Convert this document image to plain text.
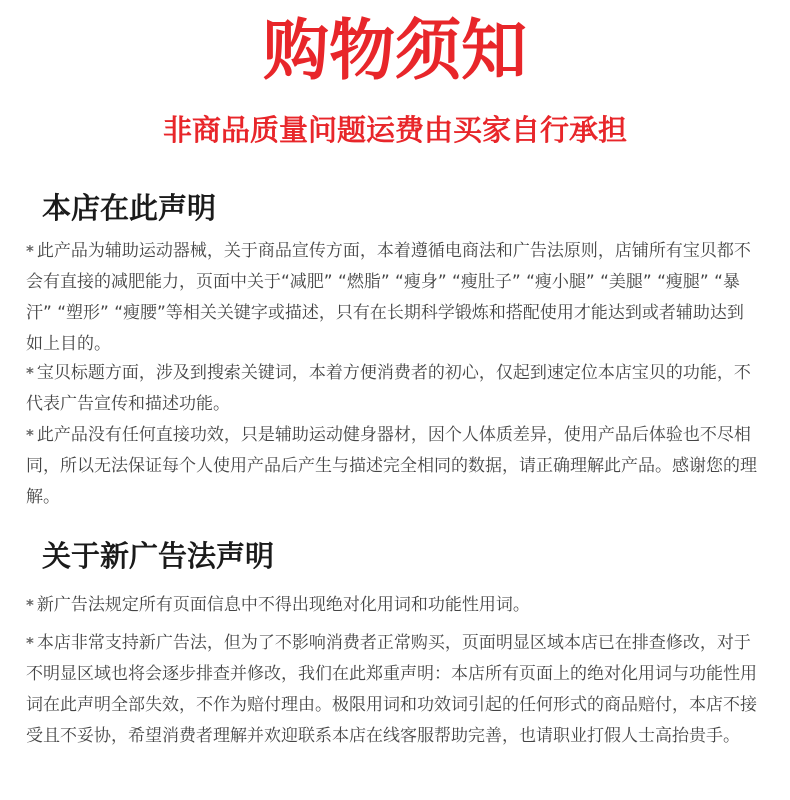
购物须知
非商品质量问题运费由买家自行承担
本店在此声明
* 此产品为辅助运动器械，关于商品宣传方面，本着遵循电商法和广告法原则，店铺所有宝贝都不会有直接的减肥能力，页面中关于“减肥” “燃脂” “瘦身” “瘦肚子” “瘦小腿” “美腿” “瘦腿” “暴汗” “塑形” “瘦腰”等相关关键字或描述，只有在长期科学锻炼和搭配使用才能达到或者辅助达到如上目的。
* 宝贝标题方面，涉及到搜索关键词，本着方便消费者的初心，仅起到速定位本店宝贝的功能，不代表广告宣传和描述功能。
* 此产品没有任何直接功效，只是辅助运动健身器材，因个人体质差异，使用产品后体验也不尽相同，所以无法保证每个人使用产品后产生与描述完全相同的数据，请正确理解此产品。感谢您的理解。
关于新广告法声明
* 新广告法规定所有页面信息中不得出现绝对化用词和功能性用词。
* 本店非常支持新广告法，但为了不影响消费者正常购买，页面明显区域本店已在排查修改，对于不明显区域也将会逐步排查并修改，我们在此郑重声明：本店所有页面上的绝对化用词与功能性用词在此声明全部失效，不作为赔付理由。极限用词和功效词引起的任何形式的商品赔付，本店不接受且不妥协，希望消费者理解并欢迎联系本店在线客服帮助完善，也请职业打假人士高抬贵手。
